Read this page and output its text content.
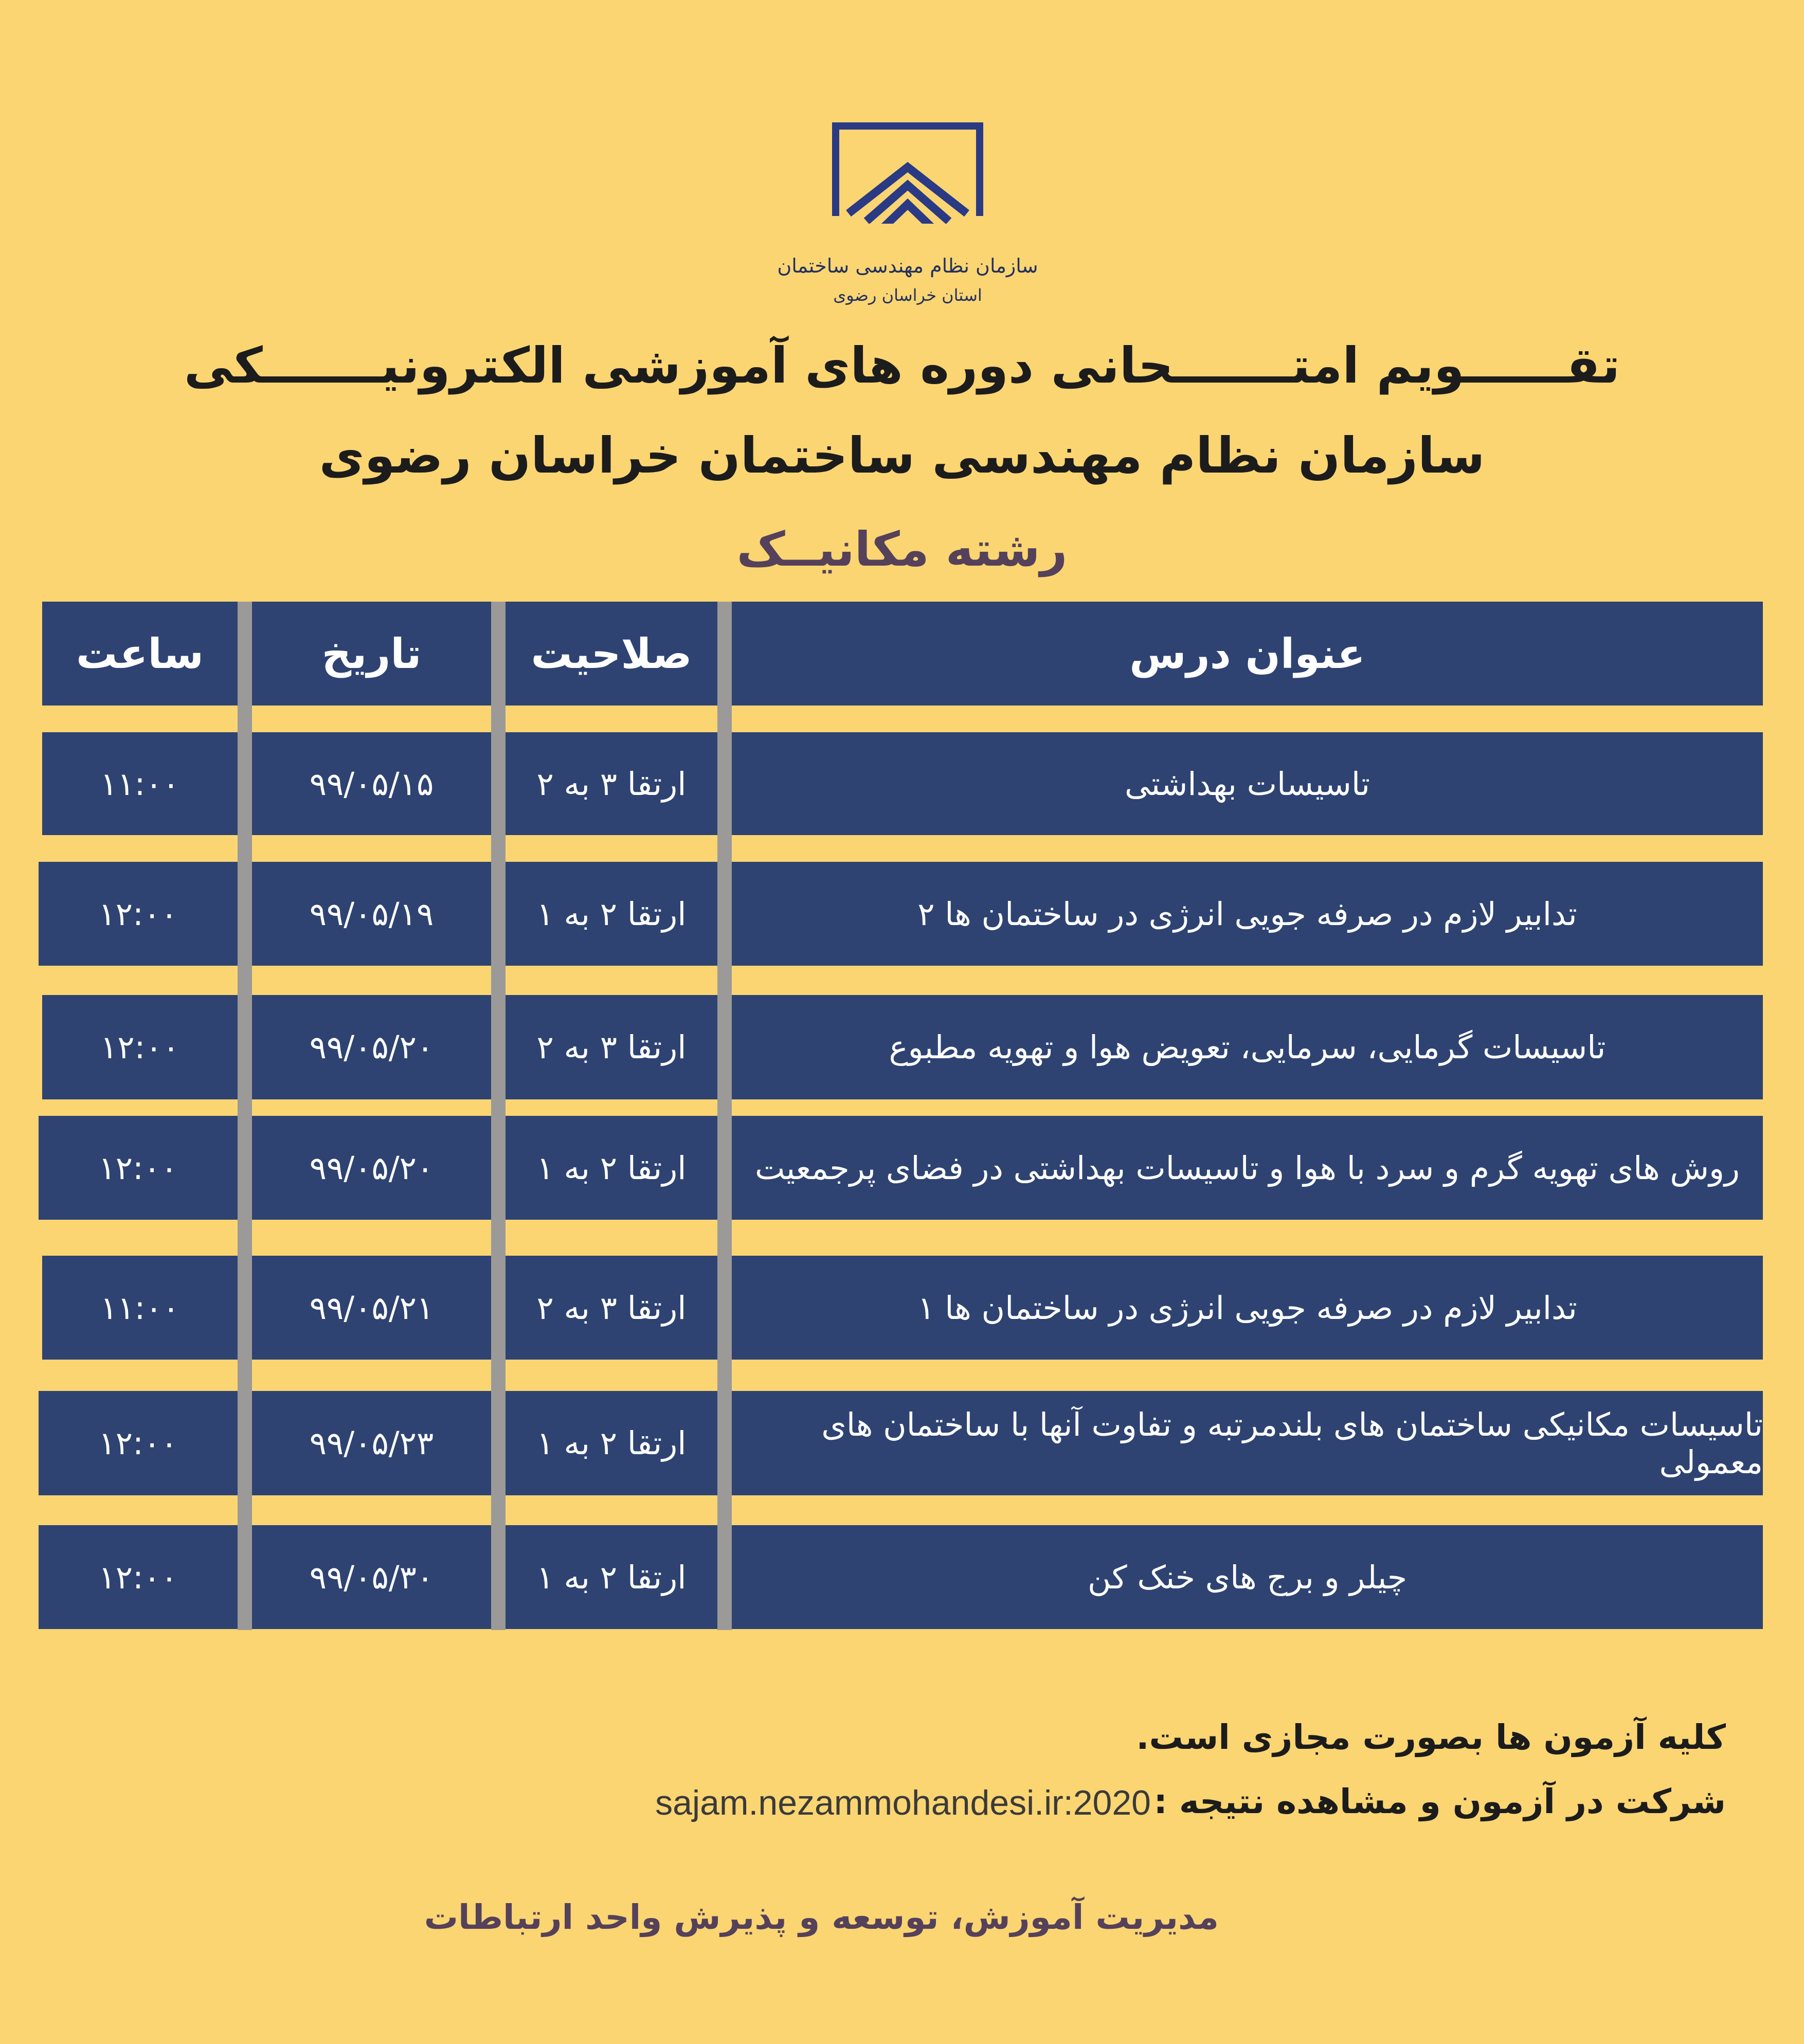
سازمان نظام مهندسی ساختمان
استان خراسان رضوی
تقــــــویم امتـــــــحانی دوره های آموزشی الکترونیـــــــکی
سازمان نظام مهندسی ساختمان خراسان رضوی
رشته مکانیــک
ساعت	تاریخ	صلاحیت	عنوان درس
۱۱:۰۰	۹۹/۰۵/۱۵	ارتقا ۳ به ۲	تاسیسات بهداشتی
۱۲:۰۰	۹۹/۰۵/۱۹	ارتقا ۲ به ۱	تدابیر لازم در صرفه جویی انرژی در ساختمان ها ۲
۱۲:۰۰	۹۹/۰۵/۲۰	ارتقا ۳ به ۲	تاسیسات گرمایی، سرمایی، تعویض هوا و تهویه مطبوع
۱۲:۰۰	۹۹/۰۵/۲۰	ارتقا ۲ به ۱	روش های تهویه گرم و سرد با هوا و تاسیسات بهداشتی در فضای پرجمعیت
۱۱:۰۰	۹۹/۰۵/۲۱	ارتقا ۳ به ۲	تدابیر لازم در صرفه جویی انرژی در ساختمان ها ۱
۱۲:۰۰	۹۹/۰۵/۲۳	ارتقا ۲ به ۱	تاسیسات مکانیکی ساختمان های بلندمرتبه و تفاوت آنها با ساختمان های معمولی
۱۲:۰۰	۹۹/۰۵/۳۰	ارتقا ۲ به ۱	چیلر و برج های خنک کن
کلیه آزمون ها بصورت مجازی است.
شرکت در آزمون و مشاهده نتیجه :
sajam.nezammohandesi.ir:2020
مدیریت آموزش، توسعه و پذیرش واحد ارتباطات
